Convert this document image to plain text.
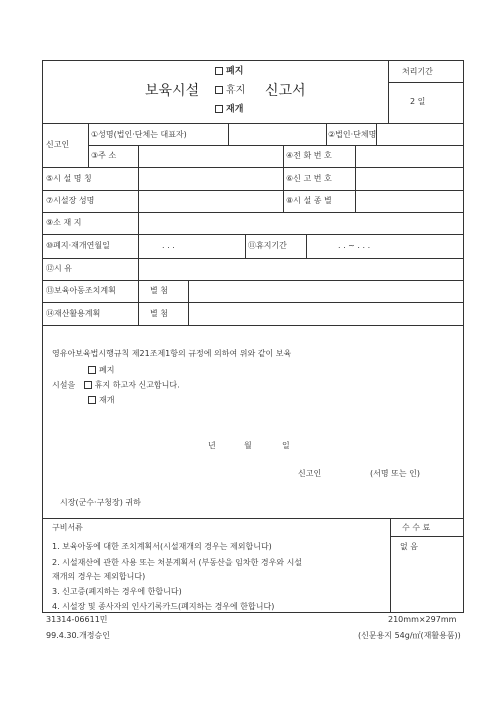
폐지
보육시설	휴지 신고서
재개
처리기간
2 일
신고인
①성명(법인·단체는 대표자)	②법인·단체명
③주 소	④전 화 번 호
⑤시 설 명 칭	⑥신 고 번 호
⑦시설장 성명	⑧시 설 종 별
⑨소 재 지
⑩폐지·재개연월일	. . .	⑪휴지기간	. . ~ . . .
⑫시 유
⑬보육아동조치계획	별 첨
⑭재산활용계획	별 첨
영유아보육법시행규칙 제21조제1항의 규정에 의하여 위와 같이 보육
폐지
시설을 휴지 하고자 신고합니다.
재개
년	월	일
신고인	(서명 또는 인)
시장(군수·구청장) 귀하
구비서류
1. 보육아동에 대한 조치계획서(시설재개의 경우는 제외합니다)
2. 시설재산에 관한 사용 또는 처분계획서 (부동산을 임차한 경우와 시설
재개의 경우는 제외합니다)
3. 신고증(폐지하는 경우에 한합니다)
4. 시설장 및 종사자의 인사기록카드(폐지하는 경우에 한합니다)
수 수 료
없 음
31314-06611민	210mm×297mm
99.4.30.개정승인	(신문용지 54g/㎡(재활용품))
